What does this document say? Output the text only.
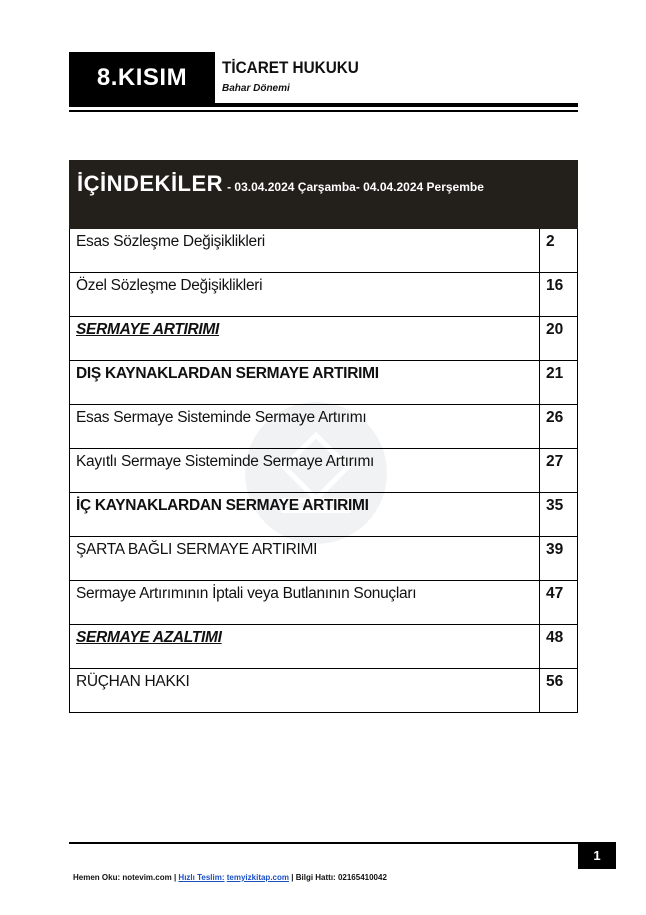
8.KISIM	TİCARET HUKUKU
Bahar Dönemi
İÇİNDEKİLER - 03.04.2024 Çarşamba- 04.04.2024 Perşembe	

Esas Sözleşme Değişiklikleri	2

Özel Sözleşme Değişiklikleri	16

SERMAYE ARTIRIMI	20

DIŞ KAYNAKLARDAN SERMAYE ARTIRIMI	21

Esas Sermaye Sisteminde Sermaye Artırımı	26

Kayıtlı Sermaye Sisteminde Sermaye Artırımı	27

İÇ KAYNAKLARDAN SERMAYE ARTIRIMI	35

ŞARTA BAĞLI SERMAYE ARTIRIMI	39

Sermaye Artırımının İptali veya Butlanının Sonuçları	47

SERMAYE AZALTIMI	48

RÜÇHAN HAKKI	56
1
Hemen Oku: notevim.com | Hızlı Teslim: temyizkitap.com | Bilgi Hattı: 02165410042
